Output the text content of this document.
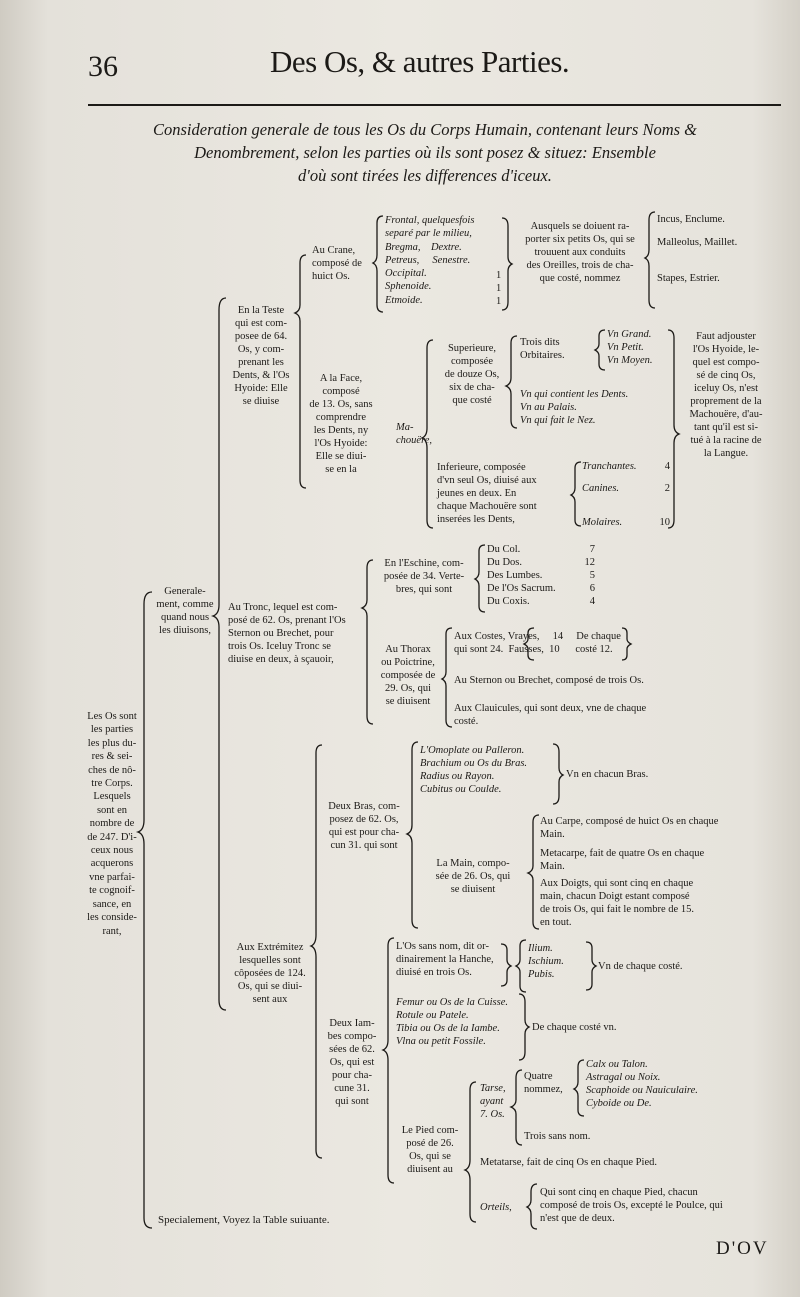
36	Des Os, & autres Parties.
Consideration generale de tous les Os du Corps Humain, contenant leurs Noms &
Denombrement, selon les parties où ils sont posez & situez: Ensemble
d'où sont tirées les differences d'iceux.
Les Os sont
les parties
les plus du-
res & sei-
ches de nô-
tre Corps.
Lesquels
sont en
nombre de
de 247. D'i-
ceux nous
acquerons
vne parfai-
te cognoif-
sance, en
les conside-
rant,
Generale-
ment, comme
quand nous
les diuisons,
Specialement, Voyez la Table suiuante.
En la Teste
qui est com-
posee de 64.
Os, y com-
prenant les
Dents, & l'Os
Hyoide: Elle
se diuise
Au Crane,
composé de
huict Os.
Frontal, quelquesfois
separé par le milieu,
Bregma,    Dextre.
Petreus,     Senestre.
Occipital.
Sphenoide.
Etmoide.
1
1
1
Ausquels se doiuent ra-
porter six petits Os, qui se
trouuent aux conduits
des Oreilles, trois de cha-
que costé, nommez
Incus, Enclume.

Malleolus, Maillet.

Stapes, Estrier.
A la Face,
composé
de 13. Os, sans
comprendre
les Dents, ny
l'Os Hyoide:
Elle se diui-
se en la
Ma-
chouëre,
Superieure,
composée
de douze Os,
six de cha-
que costé
Trois dits
Orbitaires.
Vn Grand.
Vn Petit.
Vn Moyen.
Vn qui contient les Dents.
Vn au Palais.
Vn qui fait le Nez.
Inferieure, composée
d'vn seul Os, diuisé aux
jeunes en deux. En
chaque Machouëre sont
inserées les Dents,
Tranchantes.

Canines.

Molaires.
4

2

10
Faut adjouster
l'Os Hyoide, le-
quel est compo-
sé de cinq Os,
iceluy Os, n'est
proprement de la
Machouëre, d'au-
tant qu'il est si-
tué à la racine de
la Langue.
Au Tronc, lequel est com-
posé de 62. Os, prenant l'Os
Sternon ou Brechet, pour
trois Os. Iceluy Tronc se
diuise en deux, à sçauoir,
En l'Eschine, com-
posée de 34. Verte-
bres, qui sont
Du Col.
Du Dos.
Des Lumbes.
De l'Os Sacrum.
Du Coxis.
7
12
5
6
4
Au Thorax
ou Poictrine,
composée de
29. Os, qui
se diuisent
Aux Costes, Vrayes,     14     De chaque
qui sont 24.  Fausses,  10      costé 12.
Au Sternon ou Brechet, composé de trois Os.
Aux Clauicules, qui sont deux, vne de chaque
costé.
Aux Extrémitez
lesquelles sont
côposées de 124.
Os, qui se diui-
sent aux
Deux Bras, com-
posez de 62. Os,
qui est pour cha-
cun 31. qui sont
L'Omoplate ou Palleron.
Brachium ou Os du Bras.
Radius ou Rayon.
Cubitus ou Coulde.
Vn en chacun Bras.
La Main, compo-
sée de 26. Os, qui
se diuisent
Au Carpe, composé de huict Os en chaque
Main.
Metacarpe, fait de quatre Os en chaque
Main.
Aux Doigts, qui sont cinq en chaque
main, chacun Doigt estant composé
de trois Os, qui fait le nombre de 15.
en tout.
Deux Iam-
bes compo-
sées de 62.
Os, qui est
pour cha-
cune 31.
qui sont
L'Os sans nom, dit or-
dinairement la Hanche,
diuisé en trois Os.
Ilium.
Ischium.
Pubis.
Vn de chaque costé.
Femur ou Os de la Cuisse.
Rotule ou Patele.
Tibia ou Os de la Iambe.
Vlna ou petit Fossile.
De chaque costé vn.
Le Pied com-
posé de 26.
Os, qui se
diuisent au
Tarse,
ayant
7. Os.
Quatre
nommez,
Calx ou Talon.
Astragal ou Noix.
Scaphoide ou Nauiculaire.
Cyboide ou De.
Trois sans nom.
Metatarse, fait de cinq Os en chaque Pied.
Orteils,
Qui sont cinq en chaque Pied, chacun
composé de trois Os, excepté le Poulce, qui
n'est que de deux.
D'OV
